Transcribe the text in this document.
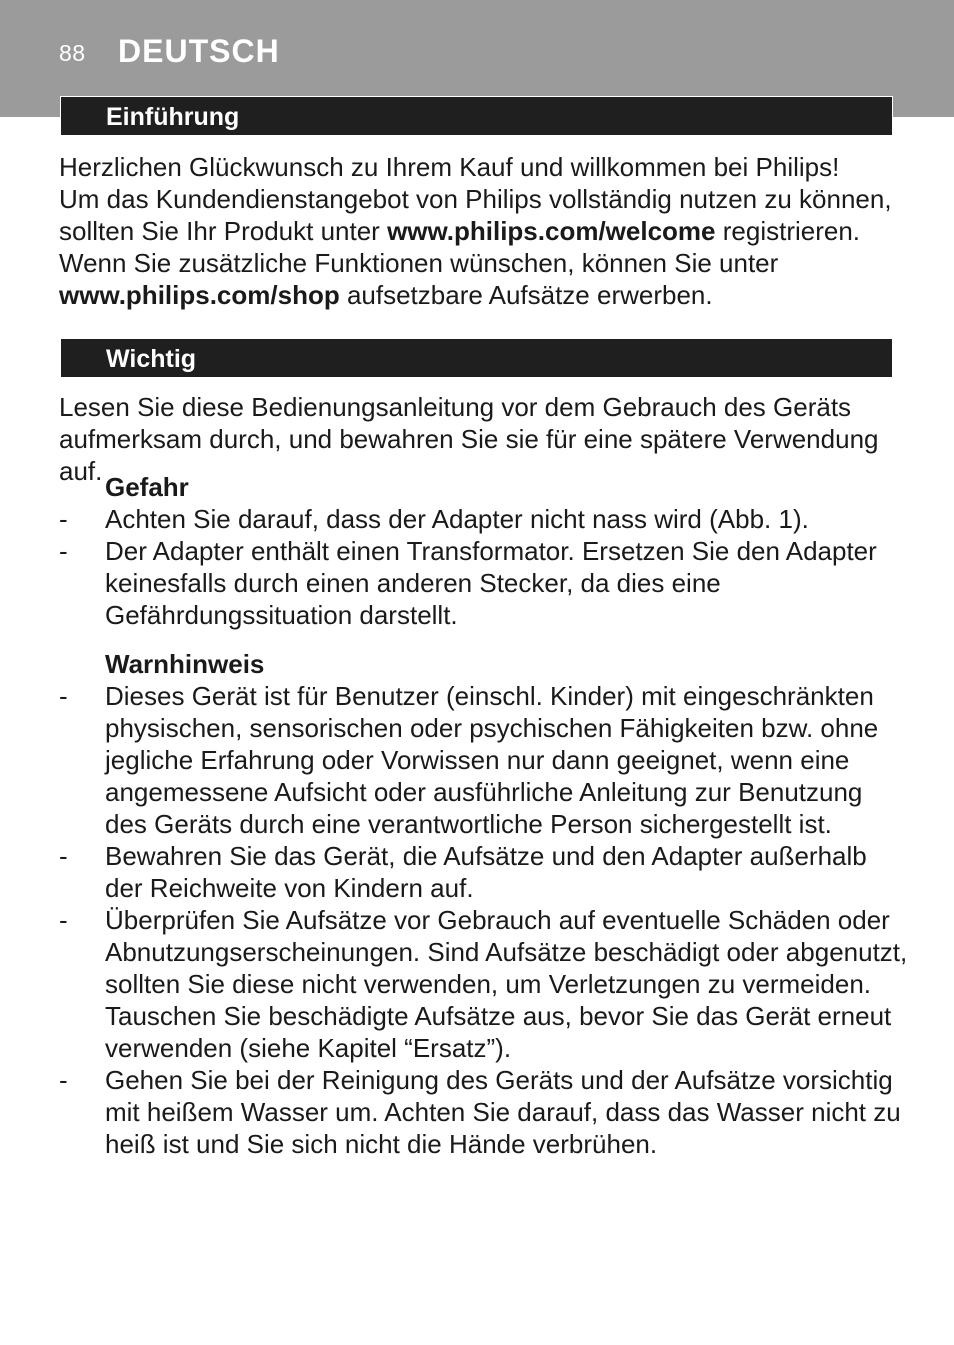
88 DEUTSCH
Einführung

Herzlichen Glückwunsch zu Ihrem Kauf und willkommen bei Philips!
Um das Kundendienstangebot von Philips vollständig nutzen zu können, sollten Sie Ihr Produkt unter www.philips.com/welcome registrieren.
Wenn Sie zusätzliche Funktionen wünschen, können Sie unter www.philips.com/shop aufsetzbare Aufsätze erwerben.

Wichtig

Lesen Sie diese Bedienungsanleitung vor dem Gebrauch des Geräts aufmerksam durch, und bewahren Sie sie für eine spätere Verwendung auf.

Gefahr
- Achten Sie darauf, dass der Adapter nicht nass wird (Abb. 1).
- Der Adapter enthält einen Transformator. Ersetzen Sie den Adapter keinesfalls durch einen anderen Stecker, da dies eine Gefährdungssituation darstellt.
Warnhinweis
- Dieses Gerät ist für Benutzer (einschl. Kinder) mit eingeschränkten physischen, sensorischen oder psychischen Fähigkeiten bzw. ohne jegliche Erfahrung oder Vorwissen nur dann geeignet, wenn eine angemessene Aufsicht oder ausführliche Anleitung zur Benutzung des Geräts durch eine verantwortliche Person sichergestellt ist.
- Bewahren Sie das Gerät, die Aufsätze und den Adapter außerhalb der Reichweite von Kindern auf.
- Überprüfen Sie Aufsätze vor Gebrauch auf eventuelle Schäden oder Abnutzungserscheinungen. Sind Aufsätze beschädigt oder abgenutzt, sollten Sie diese nicht verwenden, um Verletzungen zu vermeiden. Tauschen Sie beschädigte Aufsätze aus, bevor Sie das Gerät erneut verwenden (siehe Kapitel “Ersatz”).
- Gehen Sie bei der Reinigung des Geräts und der Aufsätze vorsichtig mit heißem Wasser um. Achten Sie darauf, dass das Wasser nicht zu heiß ist und Sie sich nicht die Hände verbrühen.
